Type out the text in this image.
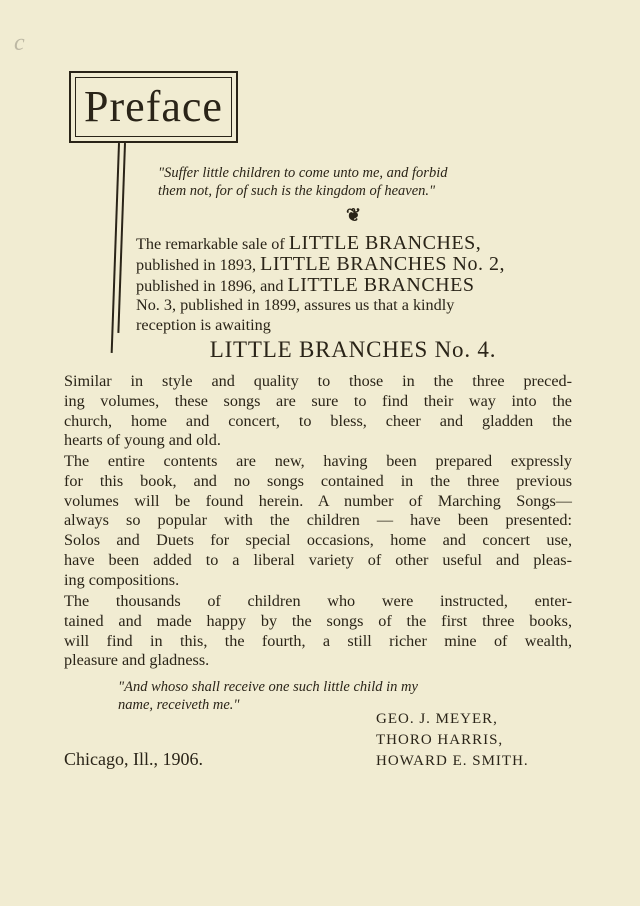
c
Preface
"Suffer little children to come unto me, and forbid
them not, for of such is the kingdom of heaven."
❦
The remarkable sale of LITTLE BRANCHES,
published in 1893, LITTLE BRANCHES No. 2,
published in 1896, and LITTLE BRANCHES
No. 3, published in 1899, assures us that a kindly
reception is awaiting
LITTLE BRANCHES No. 4.
Similar in style and quality to those in the three preced-
ing volumes, these songs are sure to find their way into the
church, home and concert, to bless, cheer and gladden the
hearts of young and old.
The entire contents are new, having been prepared expressly
for this book, and no songs contained in the three previous
volumes will be found herein. A number of Marching Songs—
always so popular with the children — have been presented:
Solos and Duets for special occasions, home and concert use,
have been added to a liberal variety of other useful and pleas-
ing compositions.
The thousands of children who were instructed, enter-
tained and made happy by the songs of the first three books,
will find in this, the fourth, a still richer mine of wealth,
pleasure and gladness.
"And whoso shall receive one such little child in my
name, receiveth me."
GEO. J. MEYER,
THORO HARRIS,
HOWARD E. SMITH.
Chicago, Ill., 1906.
